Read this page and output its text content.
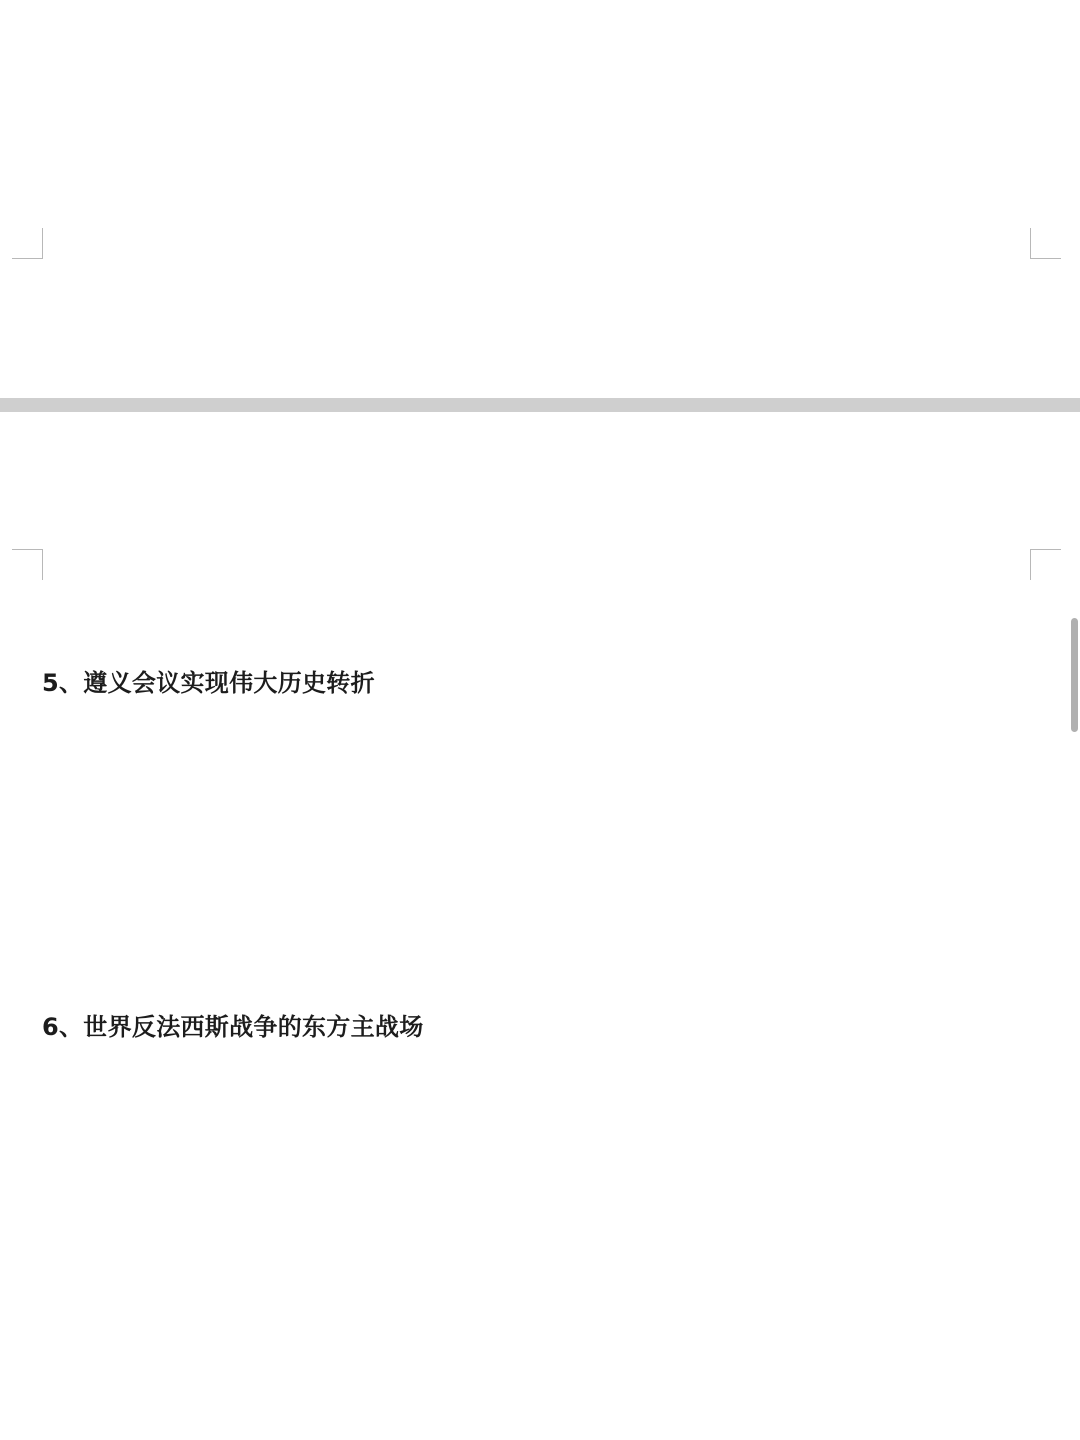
5、遵义会议实现伟大历史转折
6、世界反法西斯战争的东方主战场
